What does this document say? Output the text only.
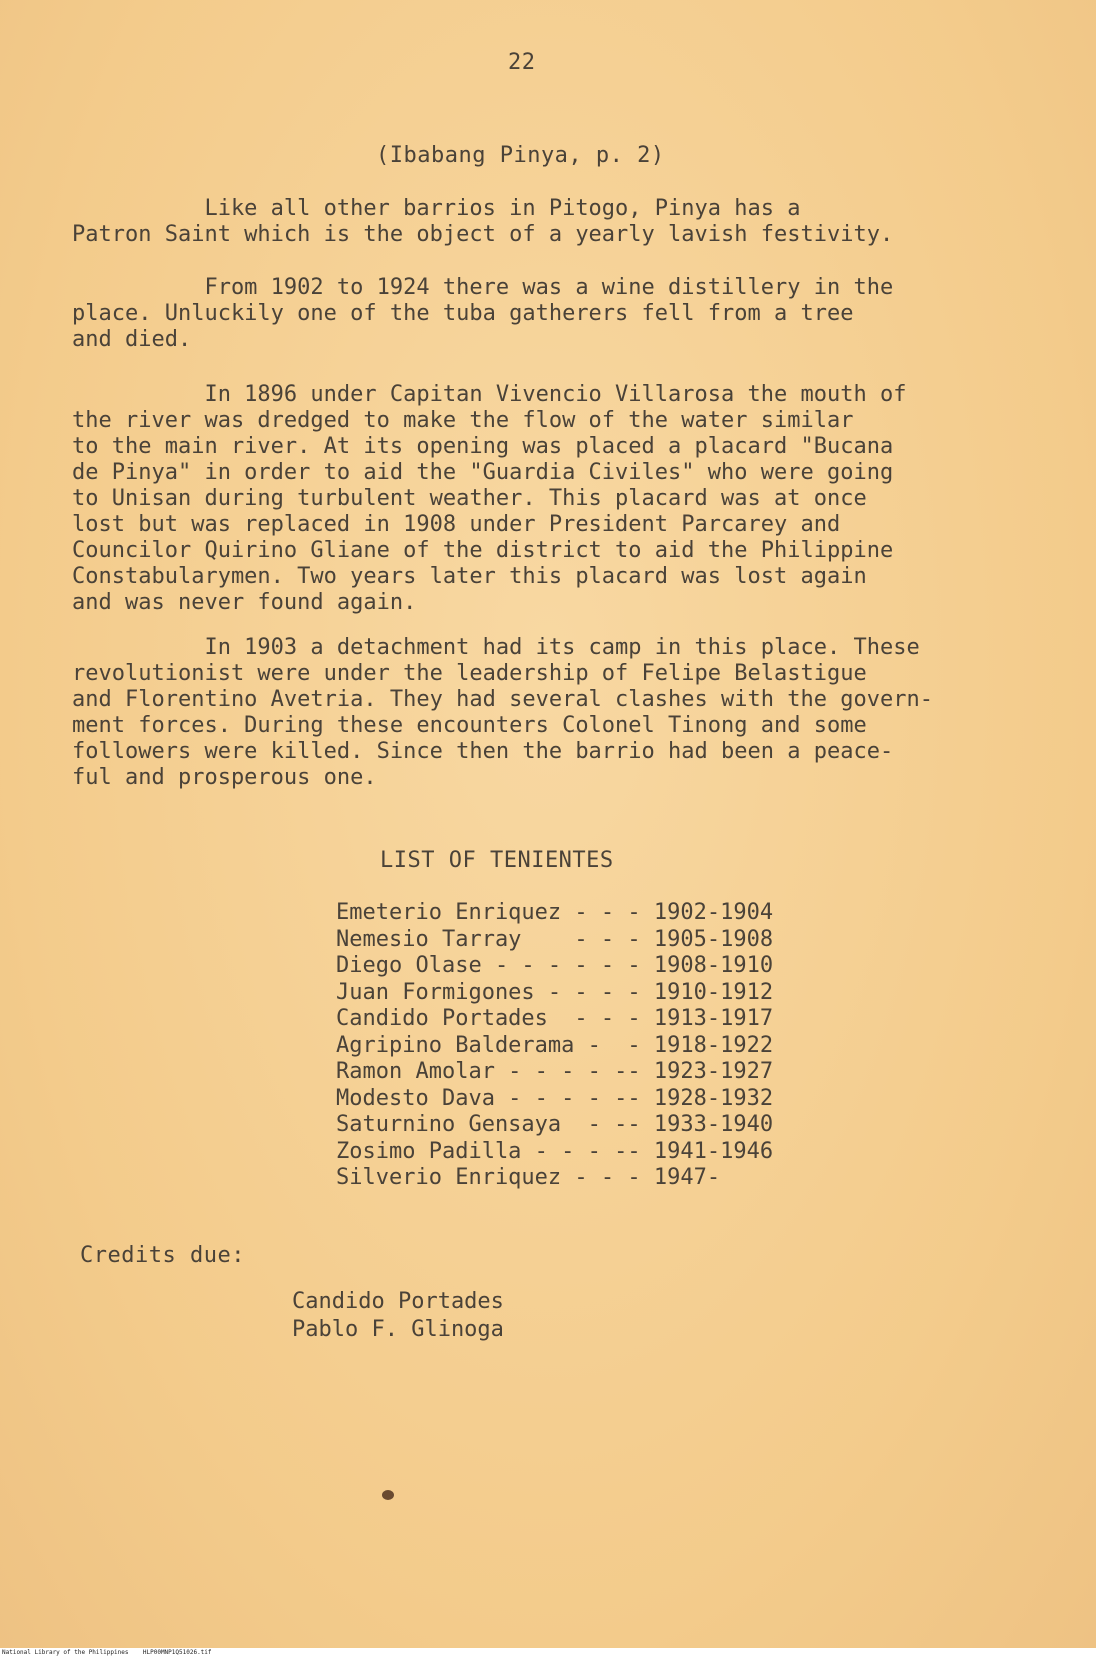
22
(Ibabang Pinya, p. 2)
Like all other barrios in Pitogo, Pinya has a
Patron Saint which is the object of a yearly lavish festivity.
From 1902 to 1924 there was a wine distillery in the
place. Unluckily one of the tuba gatherers fell from a tree
and died.
In 1896 under Capitan Vivencio Villarosa the mouth of
the river was dredged to make the flow of the water similar
to the main river. At its opening was placed a placard "Bucana
de Pinya" in order to aid the "Guardia Civiles" who were going
to Unisan during turbulent weather. This placard was at once
lost but was replaced in 1908 under President Parcarey and
Councilor Quirino Gliane of the district to aid the Philippine
Constabularymen. Two years later this placard was lost again
and was never found again.
In 1903 a detachment had its camp in this place. These
revolutionist were under the leadership of Felipe Belastigue
and Florentino Avetria. They had several clashes with the govern-
ment forces. During these encounters Colonel Tinong and some
followers were killed. Since then the barrio had been a peace-
ful and prosperous one.
LIST OF TENIENTES
Emeterio Enriquez - - - 1902-1904
Nemesio Tarray    - - - 1905-1908
Diego Olase - - - - - - 1908-1910
Juan Formigones - - - - 1910-1912
Candido Portades  - - - 1913-1917
Agripino Balderama -  - 1918-1922
Ramon Amolar - - - - -- 1923-1927
Modesto Dava - - - - -- 1928-1932
Saturnino Gensaya  - -- 1933-1940
Zosimo Padilla - - - -- 1941-1946
Silverio Enriquez - - - 1947-
Credits due:
Candido Portades
Pablo F. Glinoga
National Library of the Philippines    HLP00MNP1Q51026.tif
